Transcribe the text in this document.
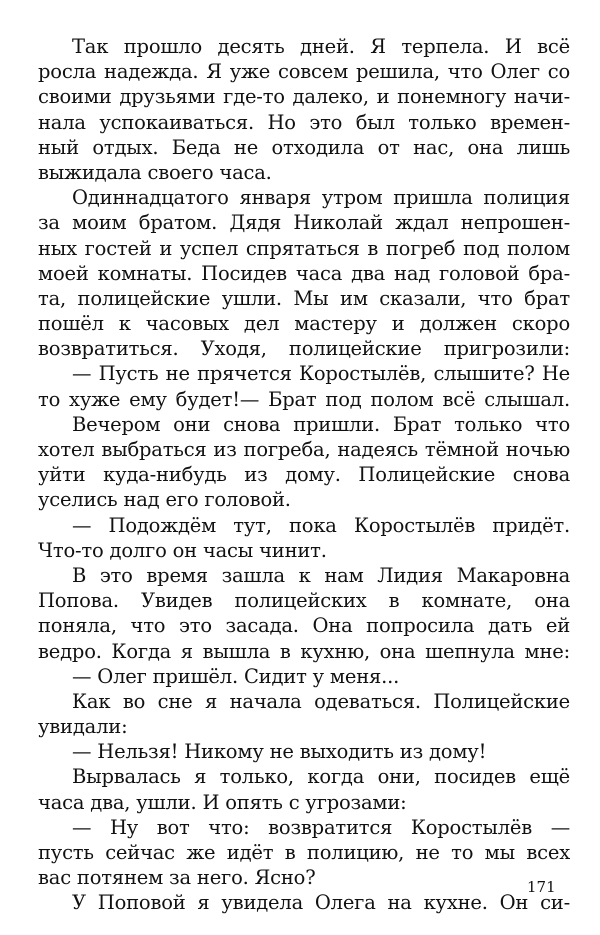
Так прошло десять дней. Я терпела. И всё
росла надежда. Я уже совсем решила, что Олег со
своими друзьями где-то далеко, и понемногу начи-
нала успокаиваться. Но это был только времен-
ный отдых. Беда не отходила от нас, она лишь
выжидала своего часа.
Одиннадцатого января утром пришла полиция
за моим братом. Дядя Николай ждал непрошен-
ных гостей и успел спрятаться в погреб под полом
моей комнаты. Посидев часа два над головой бра-
та, полицейские ушли. Мы им сказали, что брат
пошёл к часовых дел мастеру и должен скоро
возвратиться. Уходя, полицейские пригрозили:
— Пусть не прячется Коростылёв, слышите? Не
то хуже ему будет!— Брат под полом всё слышал.
Вечером они снова пришли. Брат только что
хотел выбраться из погреба, надеясь тёмной ночью
уйти куда-нибудь из дому. Полицейские снова
уселись над его головой.
— Подождём тут, пока Коростылёв придёт.
Что-то долго он часы чинит.
В это время зашла к нам Лидия Макаровна
Попова. Увидев полицейских в комнате, она
поняла, что это засада. Она попросила дать ей
ведро. Когда я вышла в кухню, она шепнула мне:
— Олег пришёл. Сидит у меня...
Как во сне я начала одеваться. Полицейские
увидали:
— Нельзя! Никому не выходить из дому!
Вырвалась я только, когда они, посидев ещё
часа два, ушли. И опять с угрозами:
— Ну вот что: возвратится Коростылёв —
пусть сейчас же идёт в полицию, не то мы всех
вас потянем за него. Ясно?
У Поповой я увидела Олега на кухне. Он си-
171
